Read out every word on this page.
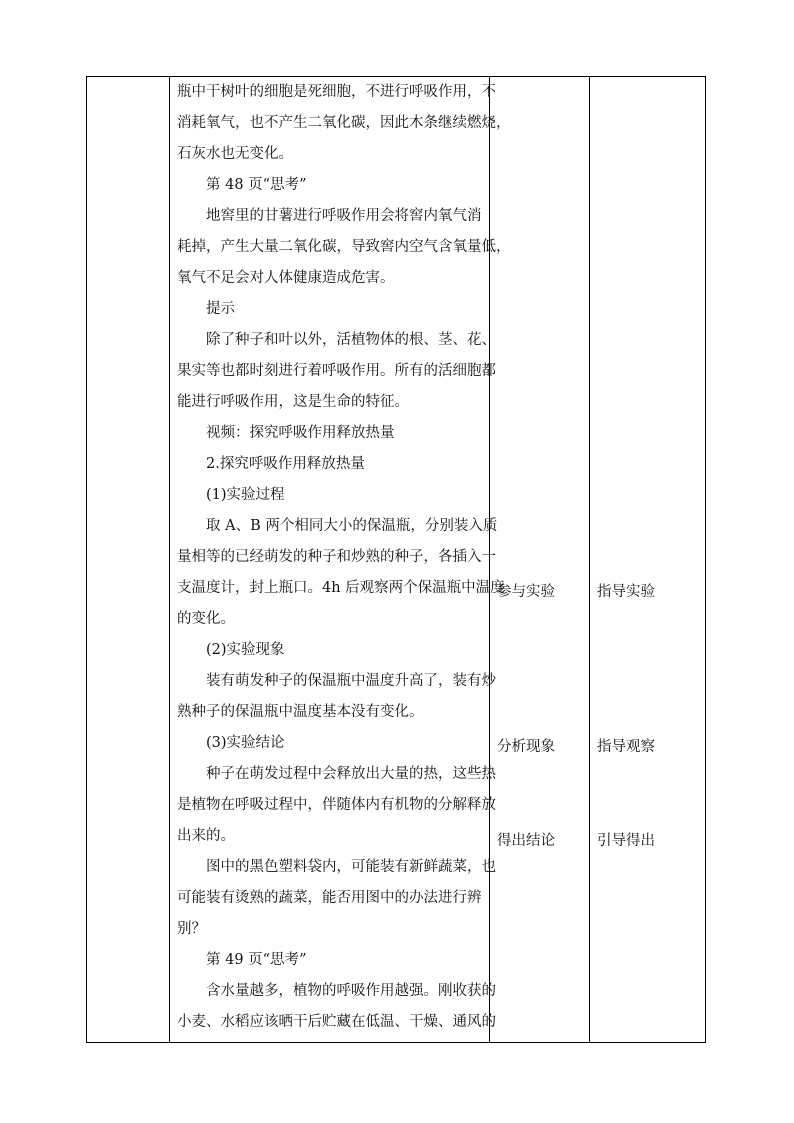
瓶中干树叶的细胞是死细胞，不进行呼吸作用，不
消耗氧气，也不产生二氧化碳，因此木条继续燃烧，
石灰水也无变化。
第 48 页“思考”
地窖里的甘薯进行呼吸作用会将窖内氧气消
耗掉，产生大量二氧化碳，导致窖内空气含氧量低，
氧气不足会对人体健康造成危害。
提示
除了种子和叶以外，活植物体的根、茎、花、
果实等也都时刻进行着呼吸作用。所有的活细胞都
能进行呼吸作用，这是生命的特征。
视频：探究呼吸作用释放热量
2.探究呼吸作用释放热量
(1)实验过程
取 A、B 两个相同大小的保温瓶，分别装入质
量相等的已经萌发的种子和炒熟的种子，各插入一
支温度计，封上瓶口。4h 后观察两个保温瓶中温度
的变化。
(2)实验现象
装有萌发种子的保温瓶中温度升高了，装有炒
熟种子的保温瓶中温度基本没有变化。
(3)实验结论
种子在萌发过程中会释放出大量的热，这些热
是植物在呼吸过程中，伴随体内有机物的分解释放
出来的。
图中的黑色塑料袋内，可能装有新鲜蔬菜，也
可能装有烫熟的蔬菜，能否用图中的办法进行辨
别？
第 49 页“思考”
含水量越多，植物的呼吸作用越强。刚收获的
小麦、水稻应该晒干后贮藏在低温、干燥、通风的
参与实验
分析现象
得出结论
指导实验
指导观察
引导得出
